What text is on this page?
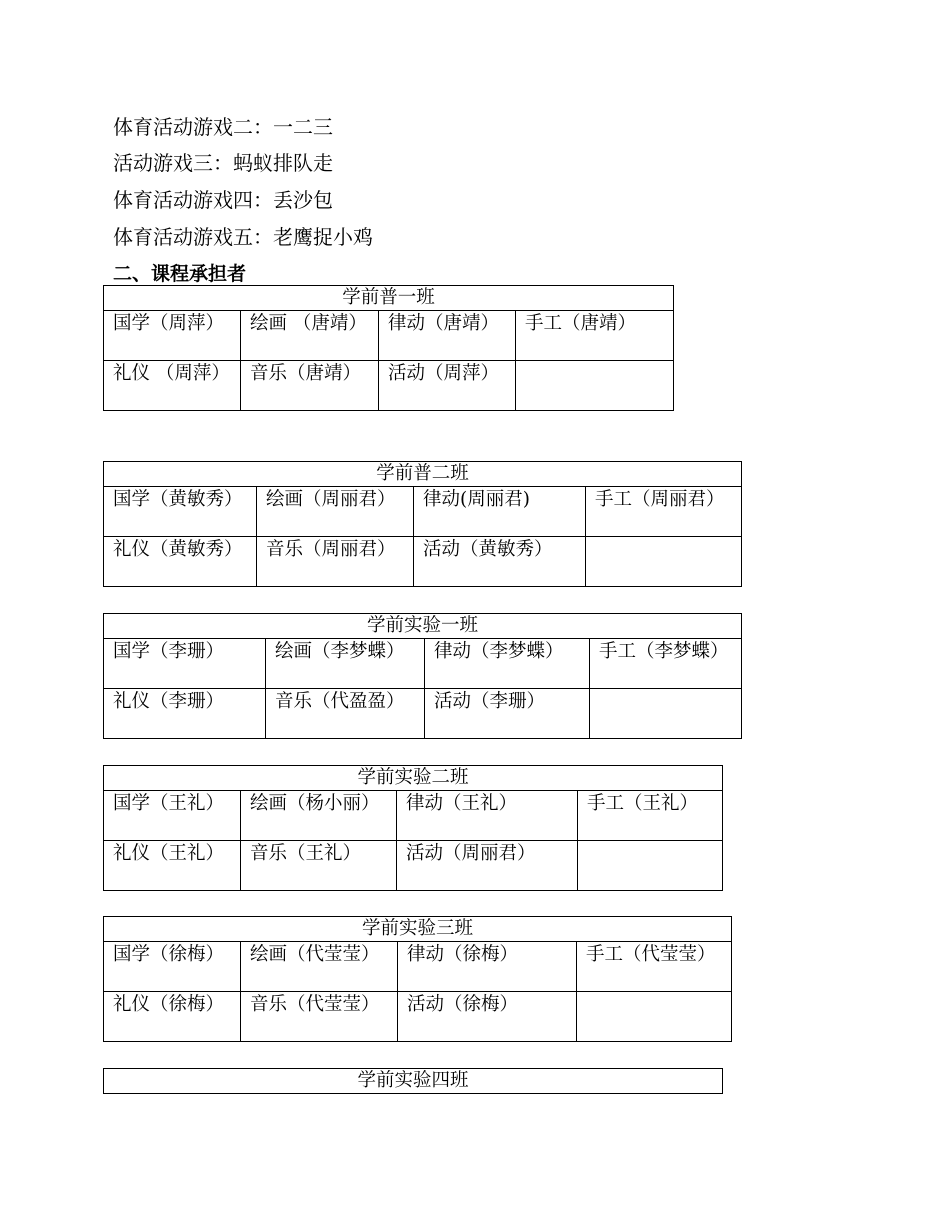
体育活动游戏二：一二三
活动游戏三：蚂蚁排队走
体育活动游戏四：丢沙包
体育活动游戏五：老鹰捉小鸡
二、课程承担者
学前普一班			
国学（周萍）	绘画 （唐靖）	律动（唐靖）	手工（唐靖）
礼仪 （周萍）	音乐（唐靖）	活动（周萍）	
学前普二班			
国学（黄敏秀）	绘画（周丽君）	律动(周丽君)	手工（周丽君）
礼仪（黄敏秀）	音乐（周丽君）	活动（黄敏秀）	
学前实验一班			
国学（李珊）	绘画（李梦蝶）	律动（李梦蝶）	手工（李梦蝶）
礼仪（李珊）	音乐（代盈盈）	活动（李珊）	
学前实验二班			
国学（王礼）	绘画（杨小丽）	律动（王礼）	手工（王礼）
礼仪（王礼）	音乐（王礼）	活动（周丽君）	
学前实验三班			
国学（徐梅）	绘画（代莹莹）	律动（徐梅）	手工（代莹莹）
礼仪（徐梅）	音乐（代莹莹）	活动（徐梅）	
学前实验四班
